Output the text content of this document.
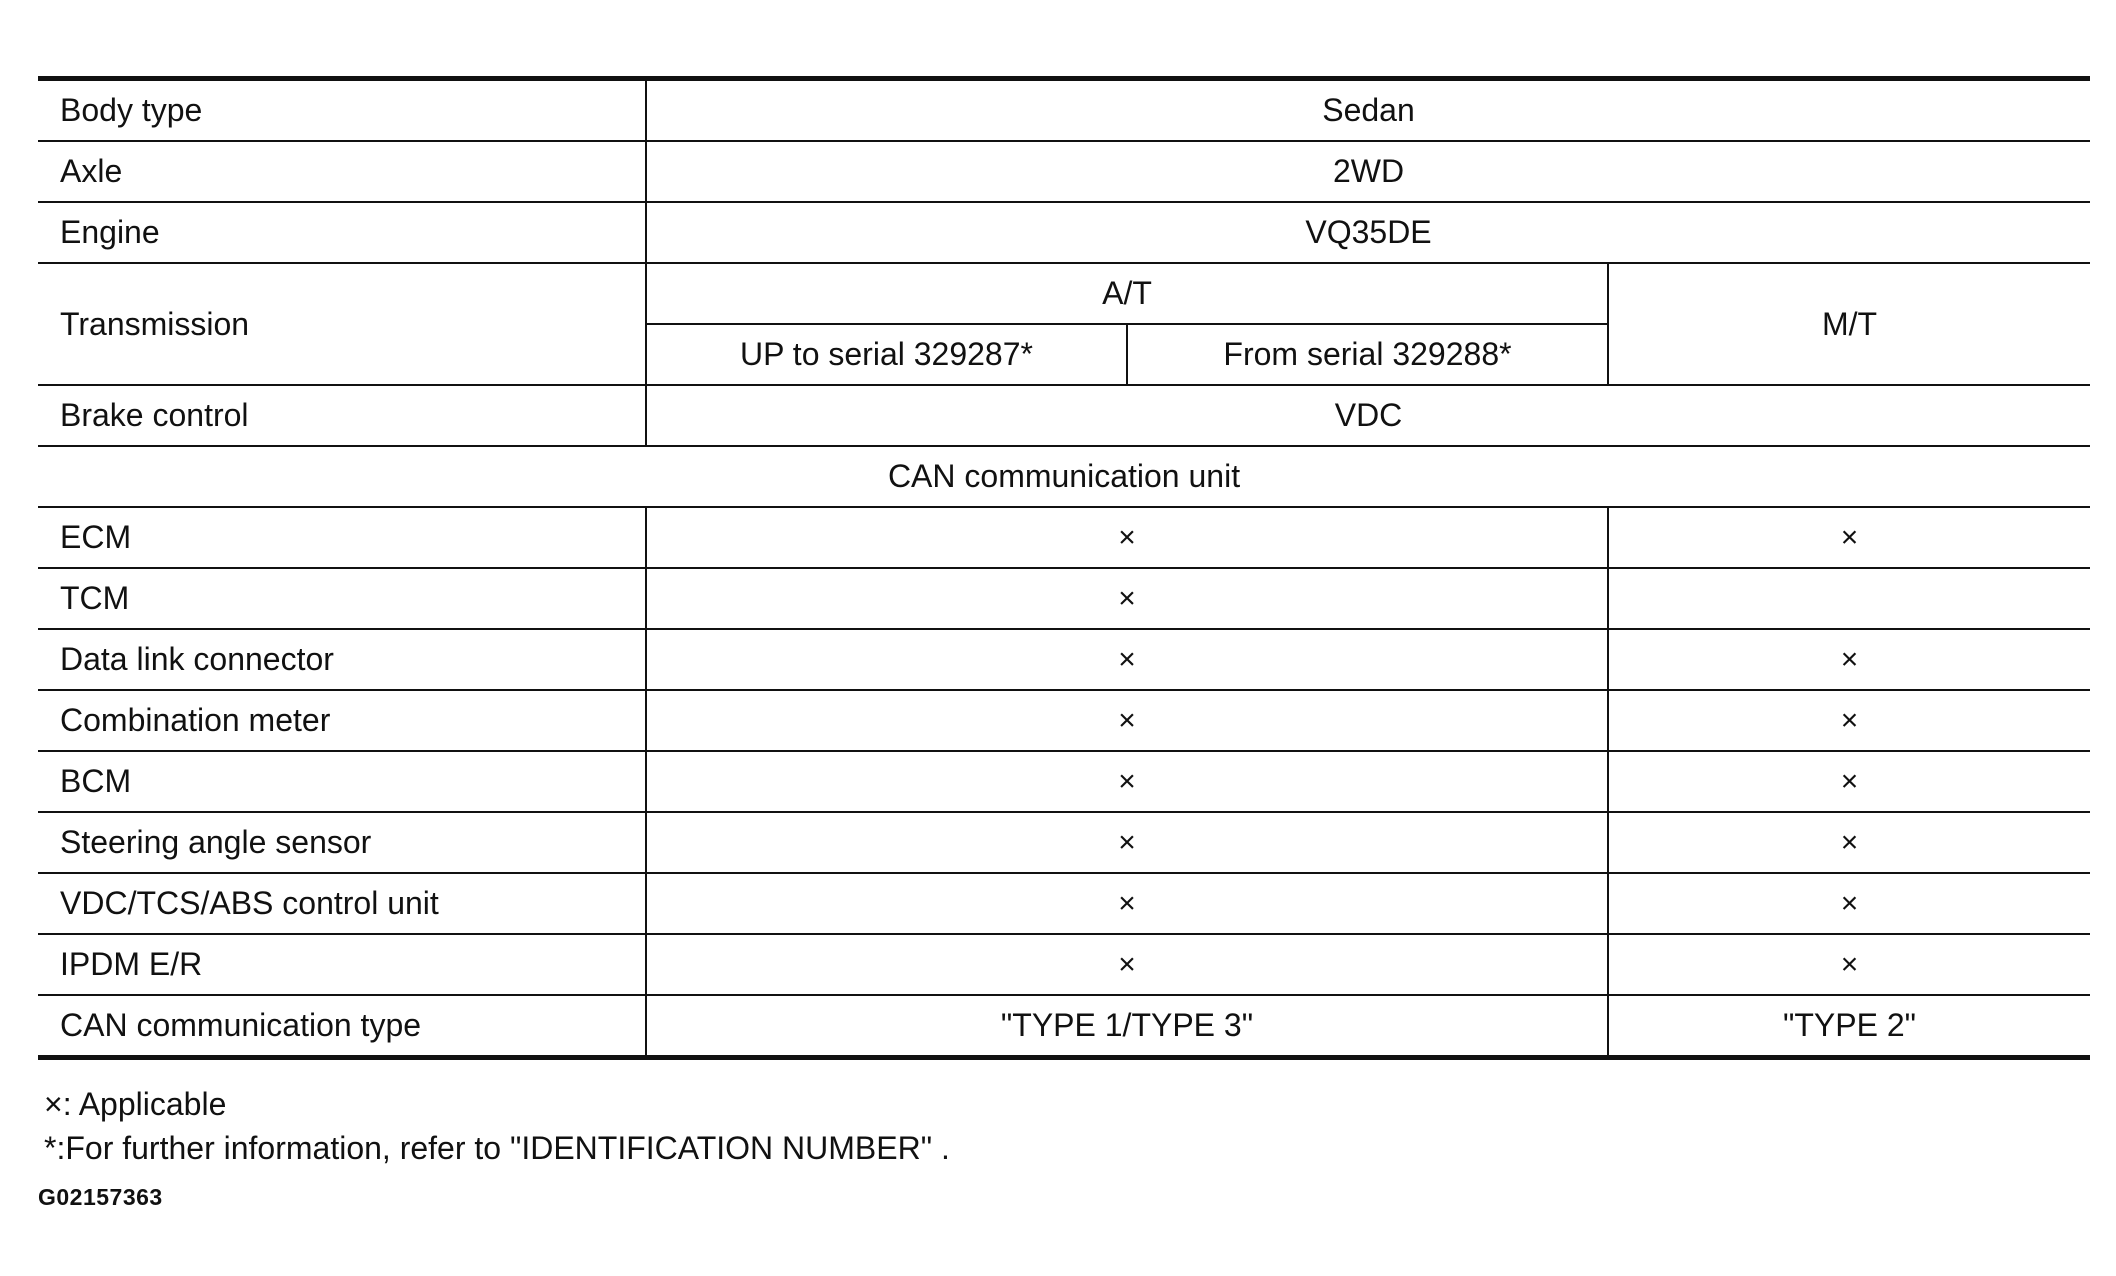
Body type	Sedan		
Axle	2WD		
Engine	VQ35DE		
Transmission	A/T		M/T
	UP to serial 329287*	From serial 329288*	
Brake control	VDC		
CAN communication unit			
ECM	×		×
TCM	×		
Data link connector	×		×
Combination meter	×		×
BCM	×		×
Steering angle sensor	×		×
VDC/TCS/ABS control unit	×		×
IPDM E/R	×		×
CAN communication type	"TYPE 1/TYPE 3"		"TYPE 2"
×: Applicable
*:For further information, refer to "IDENTIFICATION NUMBER" .
G02157363
